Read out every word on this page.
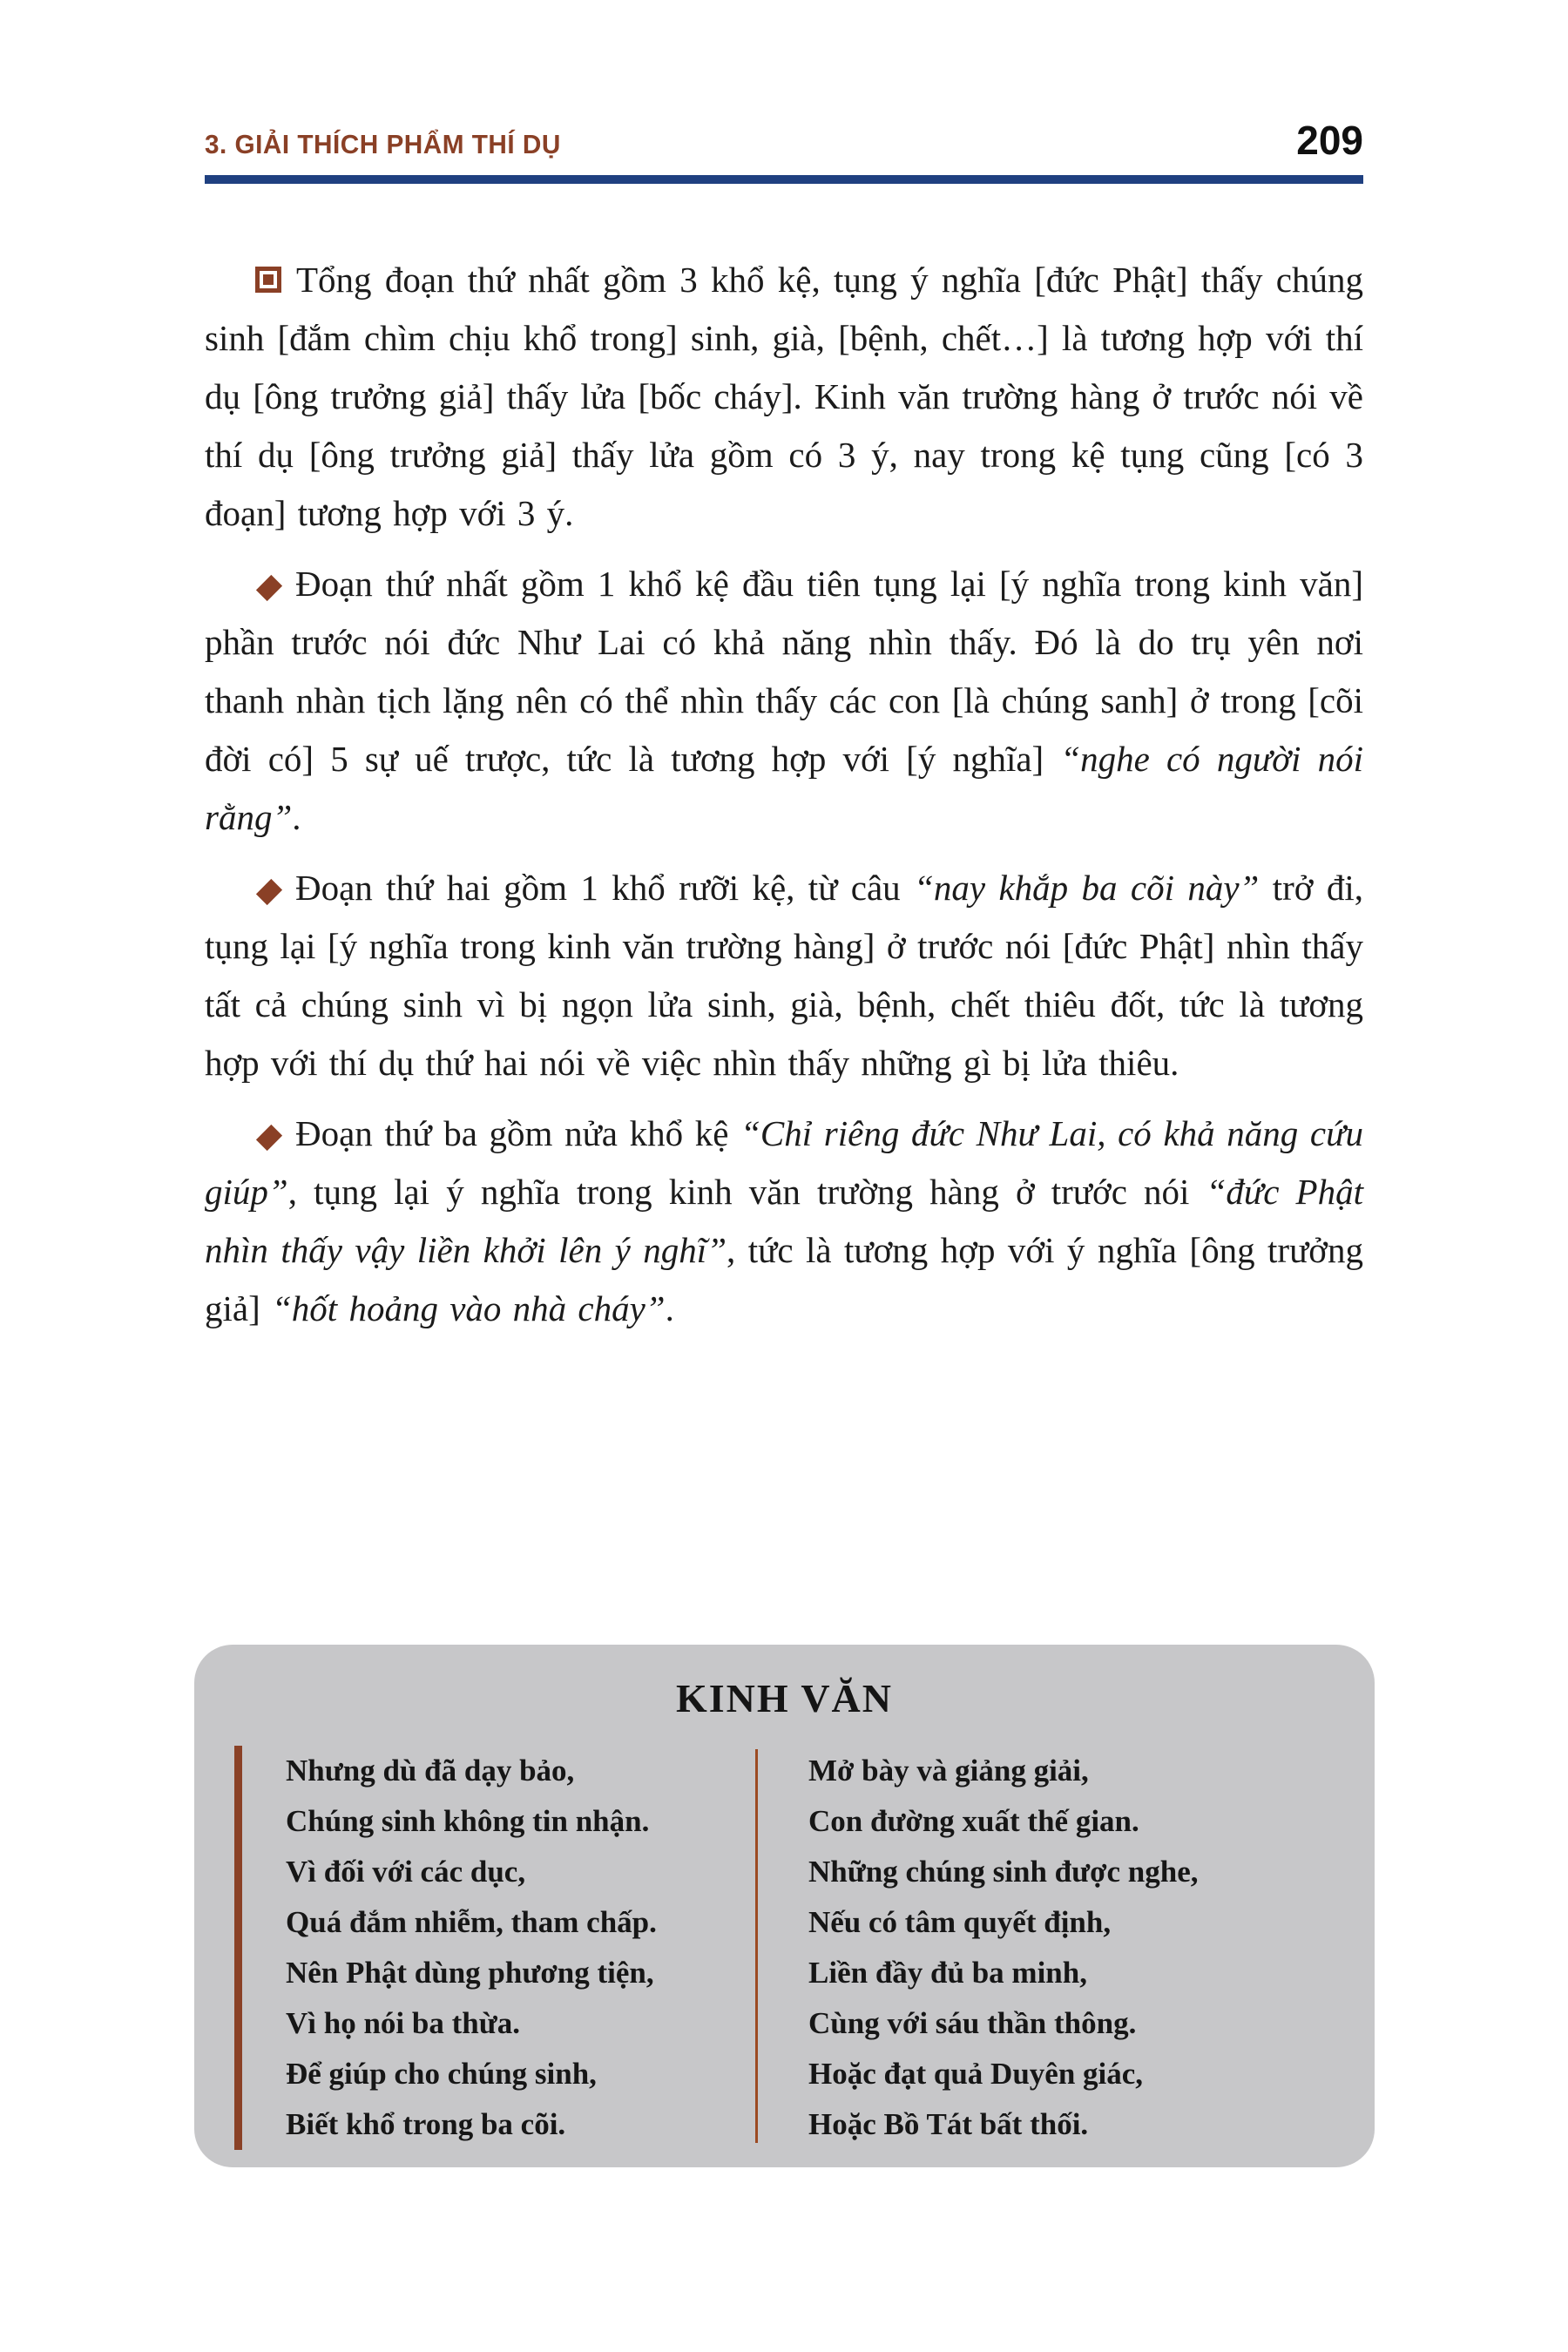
3. GIẢI THÍCH PHẨM THÍ DỤ	209

Tổng đoạn thứ nhất gồm 3 khổ kệ, tụng ý nghĩa [đức Phật] thấy chúng sinh [đắm chìm chịu khổ trong] sinh, già, [bệnh, chết…] là tương hợp với thí dụ [ông trưởng giả] thấy lửa [bốc cháy]. Kinh văn trường hàng ở trước nói về thí dụ [ông trưởng giả] thấy lửa gồm có 3 ý, nay trong kệ tụng cũng [có 3 đoạn] tương hợp với 3 ý.

Đoạn thứ nhất gồm 1 khổ kệ đầu tiên tụng lại [ý nghĩa trong kinh văn] phần trước nói đức Như Lai có khả năng nhìn thấy. Đó là do trụ yên nơi thanh nhàn tịch lặng nên có thể nhìn thấy các con [là chúng sanh] ở trong [cõi đời có] 5 sự uế trược, tức là tương hợp với [ý nghĩa] “nghe có người nói rằng”.

Đoạn thứ hai gồm 1 khổ rưỡi kệ, từ câu “nay khắp ba cõi này” trở đi, tụng lại [ý nghĩa trong kinh văn trường hàng] ở trước nói [đức Phật] nhìn thấy tất cả chúng sinh vì bị ngọn lửa sinh, già, bệnh, chết thiêu đốt, tức là tương hợp với thí dụ thứ hai nói về việc nhìn thấy những gì bị lửa thiêu.

Đoạn thứ ba gồm nửa khổ kệ “Chỉ riêng đức Như Lai, có khả năng cứu giúp”, tụng lại ý nghĩa trong kinh văn trường hàng ở trước nói “đức Phật nhìn thấy vậy liền khởi lên ý nghĩ”, tức là tương hợp với ý nghĩa [ông trưởng giả] “hốt hoảng vào nhà cháy”.

KINH VĂN
Nhưng dù đã dạy bảo,
Chúng sinh không tin nhận.
Vì đối với các dục,
Quá đắm nhiễm, tham chấp.
Nên Phật dùng phương tiện,
Vì họ nói ba thừa.
Để giúp cho chúng sinh,
Biết khổ trong ba cõi.
Mở bày và giảng giải,
Con đường xuất thế gian.
Những chúng sinh được nghe,
Nếu có tâm quyết định,
Liền đầy đủ ba minh,
Cùng với sáu thần thông.
Hoặc đạt quả Duyên giác,
Hoặc Bồ Tát bất thối.
